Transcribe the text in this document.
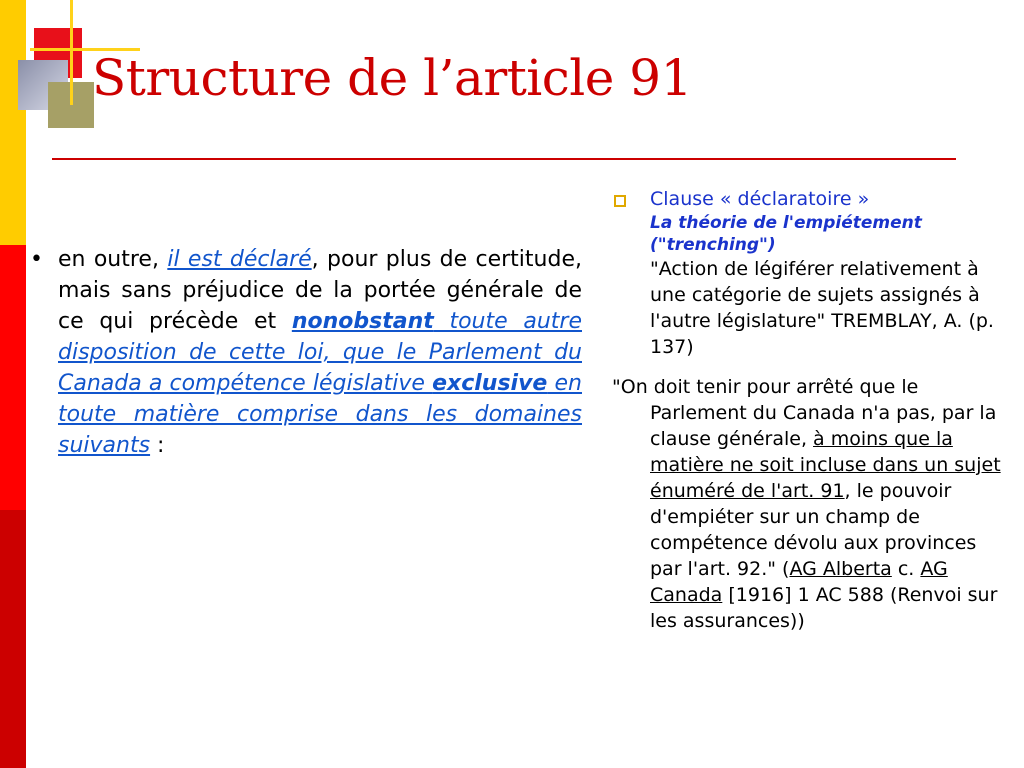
Structure de l’article 91
• en outre, il est déclaré, pour plus de certitude, mais sans préjudice de la portée générale de ce qui précède et nonobstant toute autre disposition de cette loi, que le Parlement du Canada a compétence législative exclusive en toute matière comprise dans les domaines suivants :

Clause « déclaratoire »

La théorie de l'empiétement ("trenching")
"Action de légiférer relativement à une catégorie de sujets assignés à l'autre législature" TREMBLAY, A. (p. 137)
"On doit tenir pour arrêté que le Parlement du Canada n'a pas, par la clause générale, à moins que la matière ne soit incluse dans un sujet énuméré de l'art. 91, le pouvoir d'empiéter sur un champ de compétence dévolu aux provinces par l'art. 92." (AG Alberta c. AG Canada [1916] 1 AC 588 (Renvoi sur les assurances))
